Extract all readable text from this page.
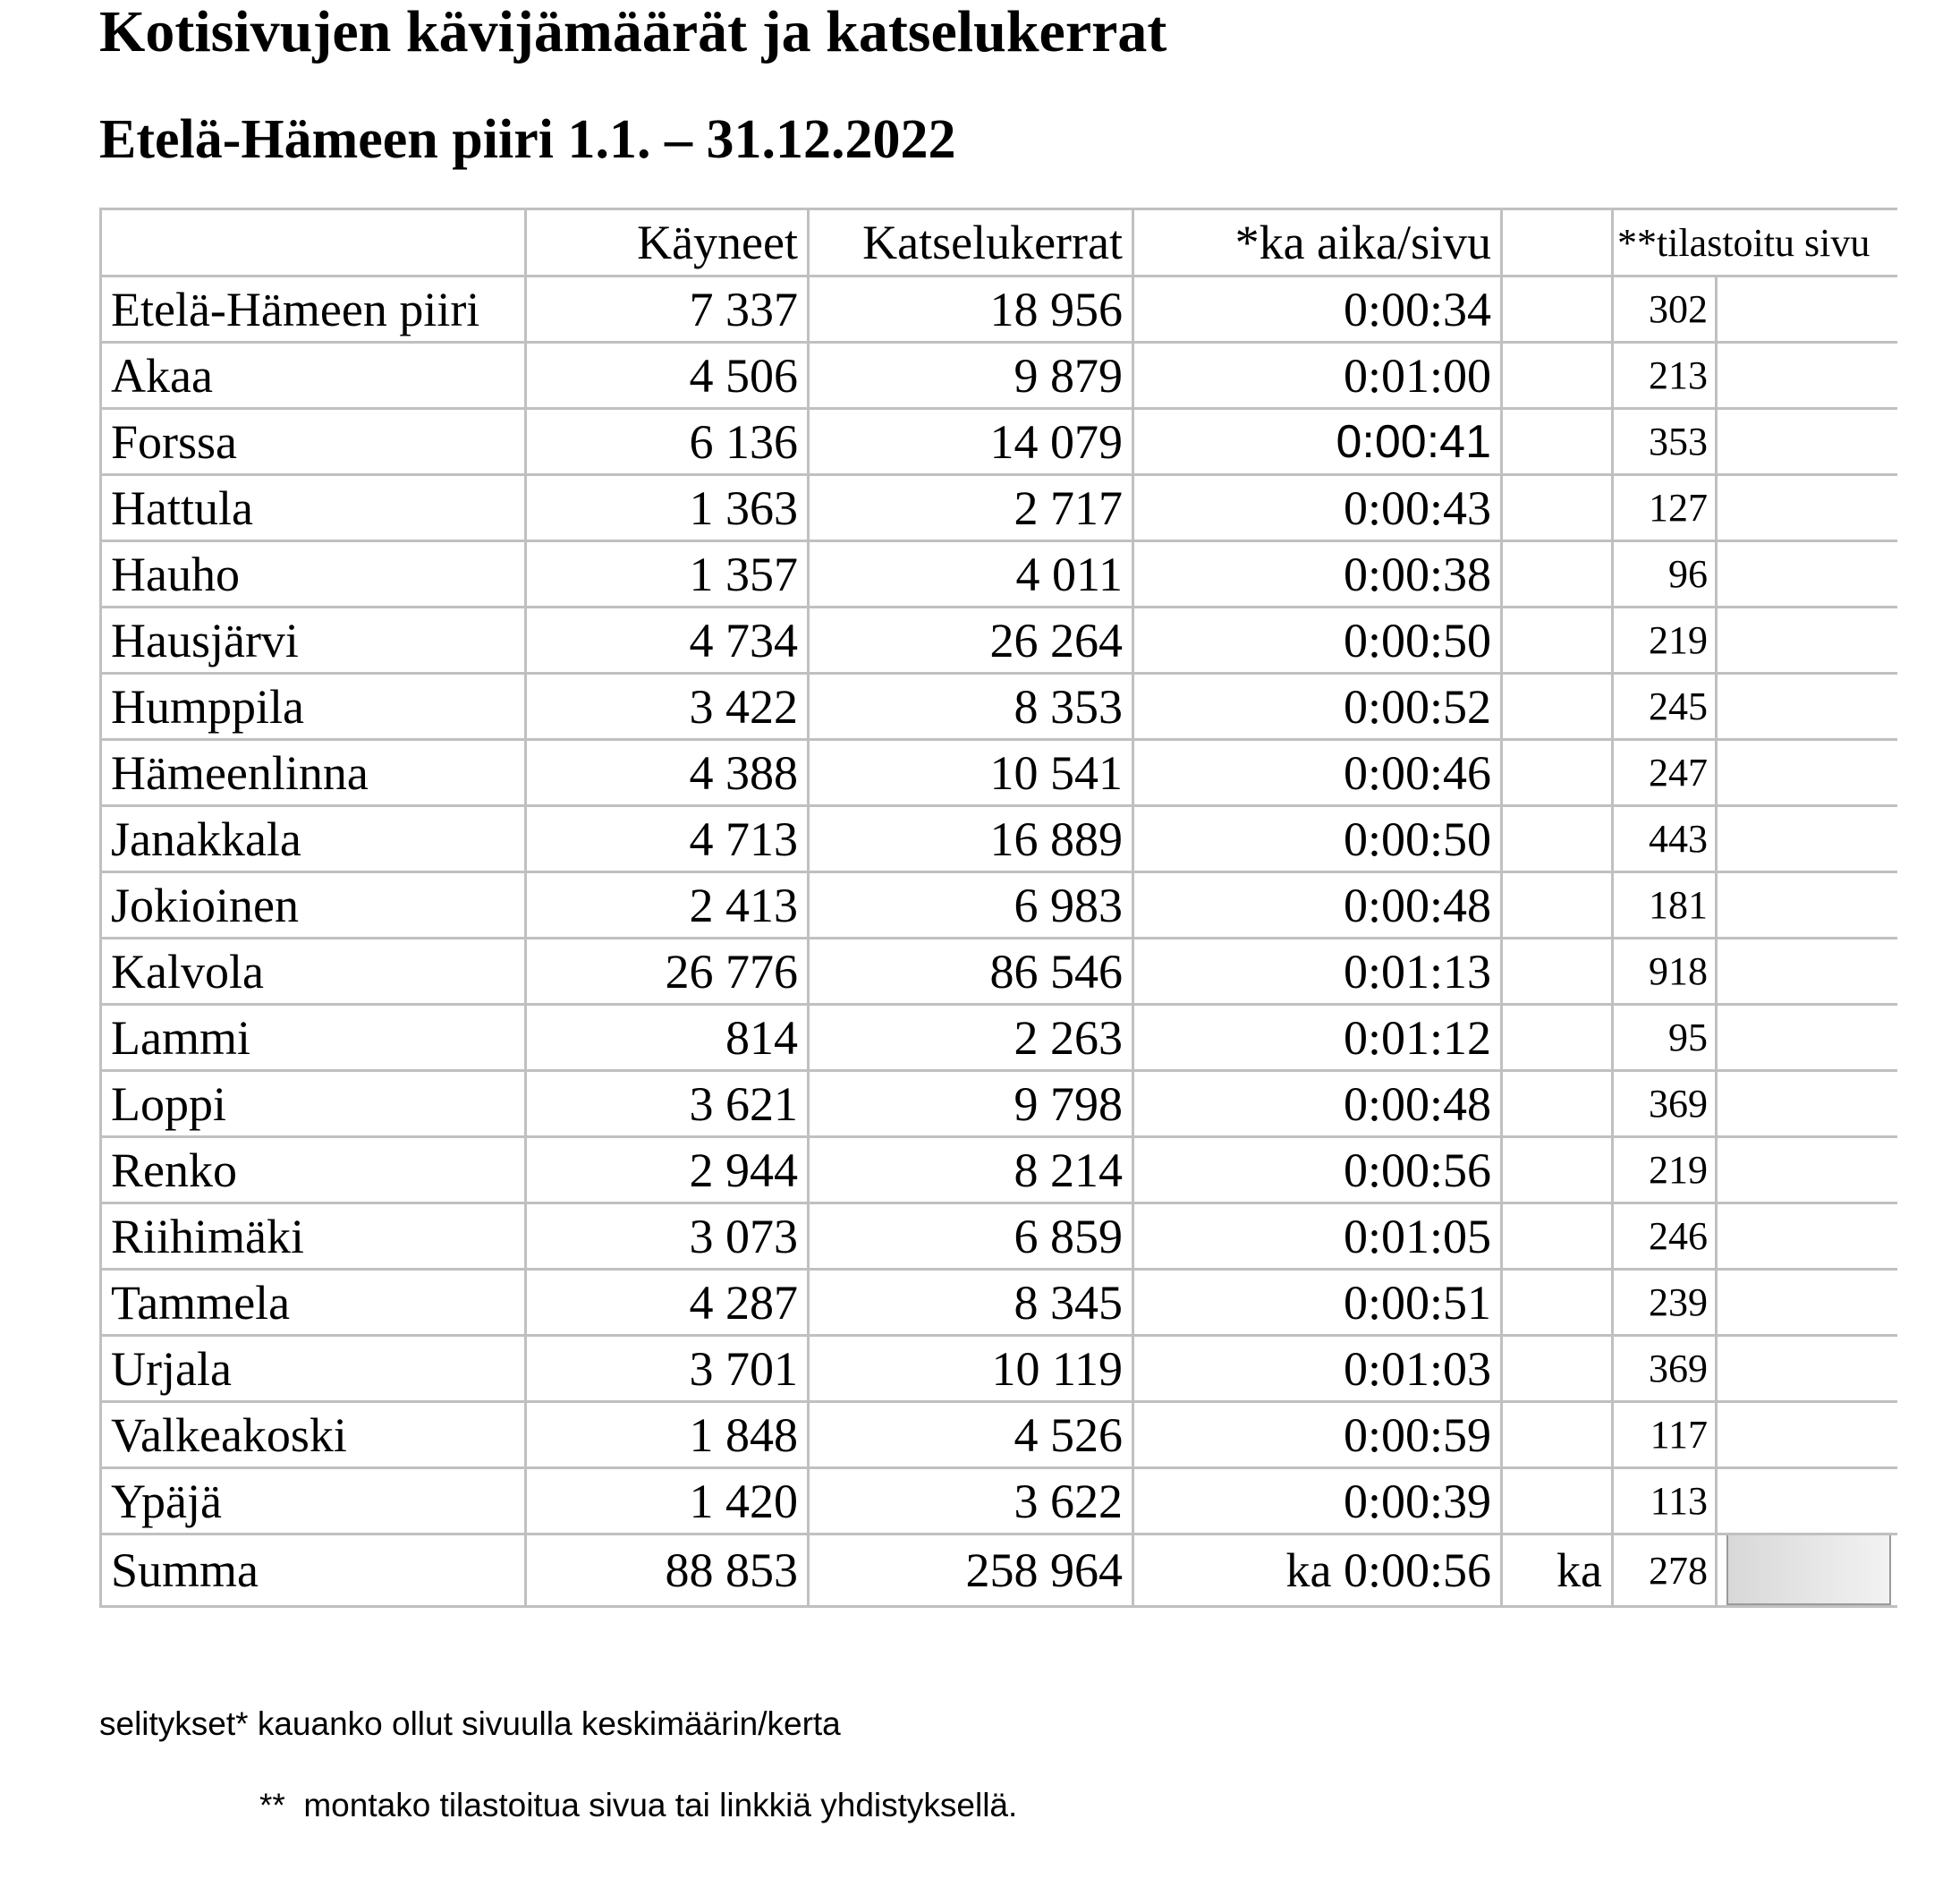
Kotisivujen kävijämäärät ja katselukerrat
Etelä-Hämeen piiri 1.1. – 31.12.2022
	Käyneet	Katselukerrat	*ka aika/sivu		**tilastoitu sivu	
Etelä-Hämeen piiri	7 337	18 956	0:00:34		302	
Akaa	4 506	9 879	0:01:00		213	
Forssa	6 136	14 079	0:00:41		353	
Hattula	1 363	2 717	0:00:43		127	
Hauho	1 357	4 011	0:00:38		96	
Hausjärvi	4 734	26 264	0:00:50		219	
Humppila	3 422	8 353	0:00:52		245	
Hämeenlinna	4 388	10 541	0:00:46		247	
Janakkala	4 713	16 889	0:00:50		443	
Jokioinen	2 413	6 983	0:00:48		181	
Kalvola	26 776	86 546	0:01:13		918	
Lammi	814	2 263	0:01:12		95	
Loppi	3 621	9 798	0:00:48		369	
Renko	2 944	8 214	0:00:56		219	
Riihimäki	3 073	6 859	0:01:05		246	
Tammela	4 287	8 345	0:00:51		239	
Urjala	3 701	10 119	0:01:03		369	
Valkeakoski	1 848	4 526	0:00:59		117	
Ypäjä	1 420	3 622	0:00:39		113	
Summa	88 853	258 964	ka 0:00:56	ka	278	
selitykset* kauanko ollut sivuulla keskimäärin/kerta
**  montako tilastoitua sivua tai linkkiä yhdistyksellä.
